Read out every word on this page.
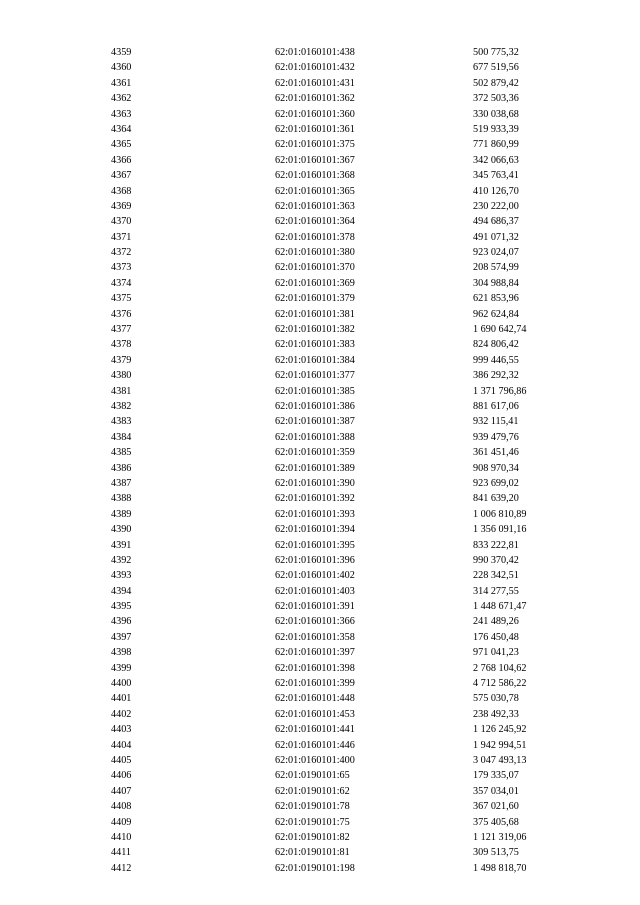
4359	62:01:0160101:438	500 775,32
4360	62:01:0160101:432	677 519,56
4361	62:01:0160101:431	502 879,42
4362	62:01:0160101:362	372 503,36
4363	62:01:0160101:360	330 038,68
4364	62:01:0160101:361	519 933,39
4365	62:01:0160101:375	771 860,99
4366	62:01:0160101:367	342 066,63
4367	62:01:0160101:368	345 763,41
4368	62:01:0160101:365	410 126,70
4369	62:01:0160101:363	230 222,00
4370	62:01:0160101:364	494 686,37
4371	62:01:0160101:378	491 071,32
4372	62:01:0160101:380	923 024,07
4373	62:01:0160101:370	208 574,99
4374	62:01:0160101:369	304 988,84
4375	62:01:0160101:379	621 853,96
4376	62:01:0160101:381	962 624,84
4377	62:01:0160101:382	1 690 642,74
4378	62:01:0160101:383	824 806,42
4379	62:01:0160101:384	999 446,55
4380	62:01:0160101:377	386 292,32
4381	62:01:0160101:385	1 371 796,86
4382	62:01:0160101:386	881 617,06
4383	62:01:0160101:387	932 115,41
4384	62:01:0160101:388	939 479,76
4385	62:01:0160101:359	361 451,46
4386	62:01:0160101:389	908 970,34
4387	62:01:0160101:390	923 699,02
4388	62:01:0160101:392	841 639,20
4389	62:01:0160101:393	1 006 810,89
4390	62:01:0160101:394	1 356 091,16
4391	62:01:0160101:395	833 222,81
4392	62:01:0160101:396	990 370,42
4393	62:01:0160101:402	228 342,51
4394	62:01:0160101:403	314 277,55
4395	62:01:0160101:391	1 448 671,47
4396	62:01:0160101:366	241 489,26
4397	62:01:0160101:358	176 450,48
4398	62:01:0160101:397	971 041,23
4399	62:01:0160101:398	2 768 104,62
4400	62:01:0160101:399	4 712 586,22
4401	62:01:0160101:448	575 030,78
4402	62:01:0160101:453	238 492,33
4403	62:01:0160101:441	1 126 245,92
4404	62:01:0160101:446	1 942 994,51
4405	62:01:0160101:400	3 047 493,13
4406	62:01:0190101:65	179 335,07
4407	62:01:0190101:62	357 034,01
4408	62:01:0190101:78	367 021,60
4409	62:01:0190101:75	375 405,68
4410	62:01:0190101:82	1 121 319,06
4411	62:01:0190101:81	309 513,75
4412	62:01:0190101:198	1 498 818,70
